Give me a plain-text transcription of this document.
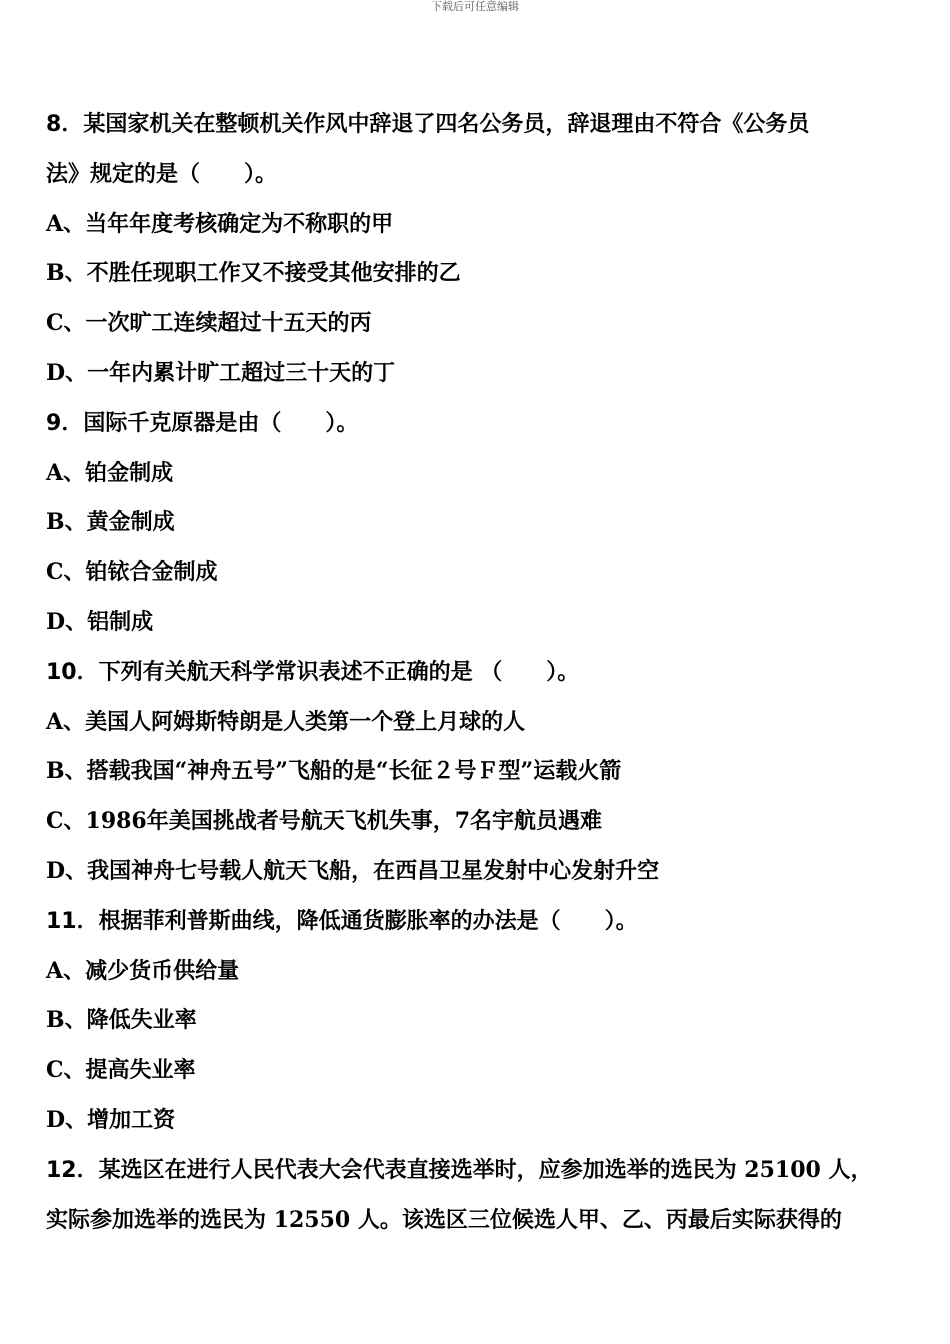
下载后可任意编辑
8．某国家机关在整顿机关作风中辞退了四名公务员，辞退理由不符合《公务员
法》规定的是（　　）。
A、当年年度考核确定为不称职的甲
B、不胜任现职工作又不接受其他安排的乙
C、一次旷工连续超过十五天的丙
D、一年内累计旷工超过三十天的丁
9．国际千克原器是由（　　）。
A、铂金制成
B、黄金制成
C、铂铱合金制成
D、铝制成
10．下列有关航天科学常识表述不正确的是 （　　）。
A、美国人阿姆斯特朗是人类第一个登上月球的人
B、搭载我国“神舟五号”飞船的是“长征２号Ｆ型”运载火箭
C、1986年美国挑战者号航天飞机失事，7名宇航员遇难
D、我国神舟七号载人航天飞船，在西昌卫星发射中心发射升空
11．根据菲利普斯曲线，降低通货膨胀率的办法是（　　）。
A、减少货币供给量
B、降低失业率
C、提高失业率
D、增加工资
12．某选区在进行人民代表大会代表直接选举时，应参加选举的选民为 25100 人，
实际参加选举的选民为 12550 人。该选区三位候选人甲、乙、丙最后实际获得的
